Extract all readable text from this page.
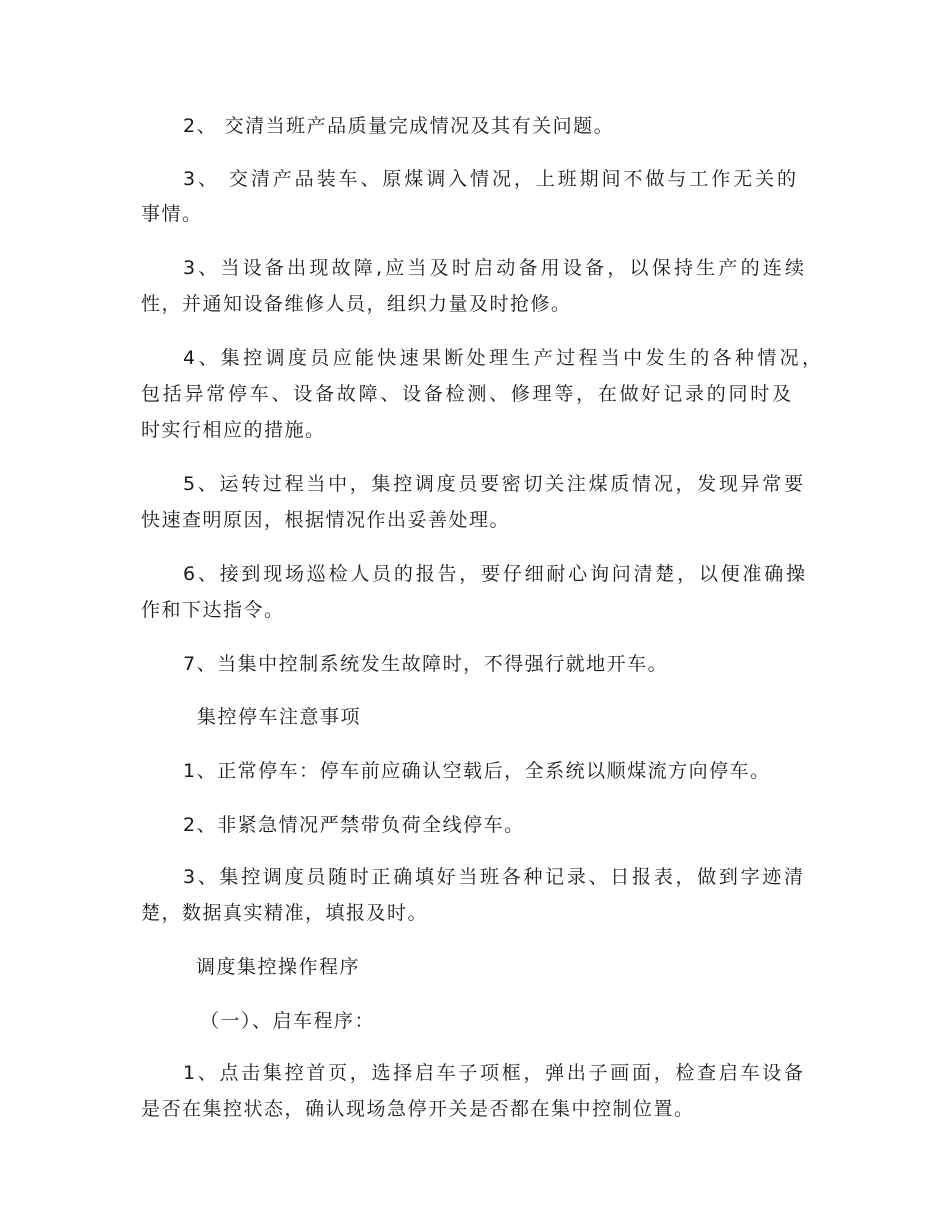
2、 交清当班产品质量完成情况及其有关问题。
3、 交清产品装车、原煤调入情况，上班期间不做与工作无关的
事情。
3、当设备出现故障,应当及时启动备用设备，以保持生产的连续
性，并通知设备维修人员，组织力量及时抢修。
4、集控调度员应能快速果断处理生产过程当中发生的各种情况，
包括异常停车、设备故障、设备检测、修理等，在做好记录的同时及
时实行相应的措施。
5、运转过程当中，集控调度员要密切关注煤质情况，发现异常要
快速查明原因，根据情况作出妥善处理。
6、接到现场巡检人员的报告，要仔细耐心询问清楚，以便准确操
作和下达指令。
7、当集中控制系统发生故障时，不得强行就地开车。
集控停车注意事项
1、正常停车：停车前应确认空载后，全系统以顺煤流方向停车。
2、非紧急情况严禁带负荷全线停车。
3、集控调度员随时正确填好当班各种记录、日报表，做到字迹清
楚，数据真实精准，填报及时。
调度集控操作程序
（一）、启车程序：
1、点击集控首页，选择启车子项框，弹出子画面，检查启车设备
是否在集控状态，确认现场急停开关是否都在集中控制位置。
